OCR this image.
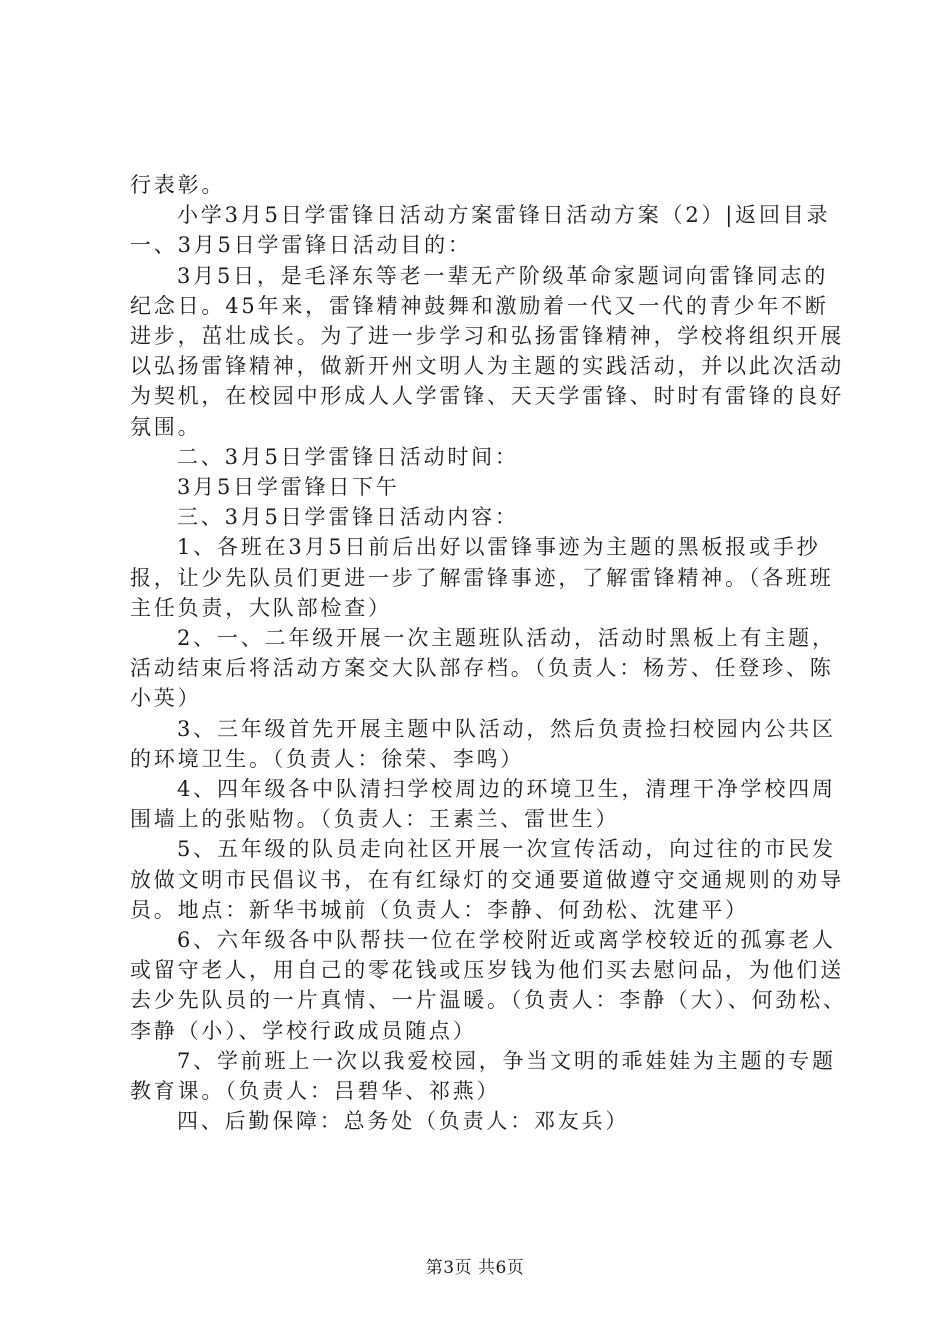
行表彰。

小学3月5日学雷锋日活动方案雷锋日活动方案（2）|返回目录一、3月5日学雷锋日活动目的：

3月5日，是毛泽东等老一辈无产阶级革命家题词向雷锋同志的纪念日。45年来，雷锋精神鼓舞和激励着一代又一代的青少年不断进步，茁壮成长。为了进一步学习和弘扬雷锋精神，学校将组织开展以弘扬雷锋精神，做新开州文明人为主题的实践活动，并以此次活动为契机，在校园中形成人人学雷锋、天天学雷锋、时时有雷锋的良好氛围。

二、3月5日学雷锋日活动时间：

3月5日学雷锋日下午

三、3月5日学雷锋日活动内容：

1、各班在3月5日前后出好以雷锋事迹为主题的黑板报或手抄报，让少先队员们更进一步了解雷锋事迹，了解雷锋精神。（各班班主任负责，大队部检查）

2、一、二年级开展一次主题班队活动，活动时黑板上有主题，活动结束后将活动方案交大队部存档。（负责人：杨芳、任登珍、陈小英）

3、三年级首先开展主题中队活动，然后负责捡扫校园内公共区的环境卫生。（负责人：徐荣、李鸣）

4、四年级各中队清扫学校周边的环境卫生，清理干净学校四周围墙上的张贴物。（负责人：王素兰、雷世生）

5、五年级的队员走向社区开展一次宣传活动，向过往的市民发放做文明市民倡议书，在有红绿灯的交通要道做遵守交通规则的劝导员。地点：新华书城前（负责人：李静、何劲松、沈建平）

6、六年级各中队帮扶一位在学校附近或离学校较近的孤寡老人或留守老人，用自己的零花钱或压岁钱为他们买去慰问品，为他们送去少先队员的一片真情、一片温暖。（负责人：李静（大）、何劲松、李静（小）、学校行政成员随点）

7、学前班上一次以我爱校园，争当文明的乖娃娃为主题的专题教育课。（负责人：吕碧华、祁燕）

四、后勤保障：总务处（负责人：邓友兵）

第3页 共6页
